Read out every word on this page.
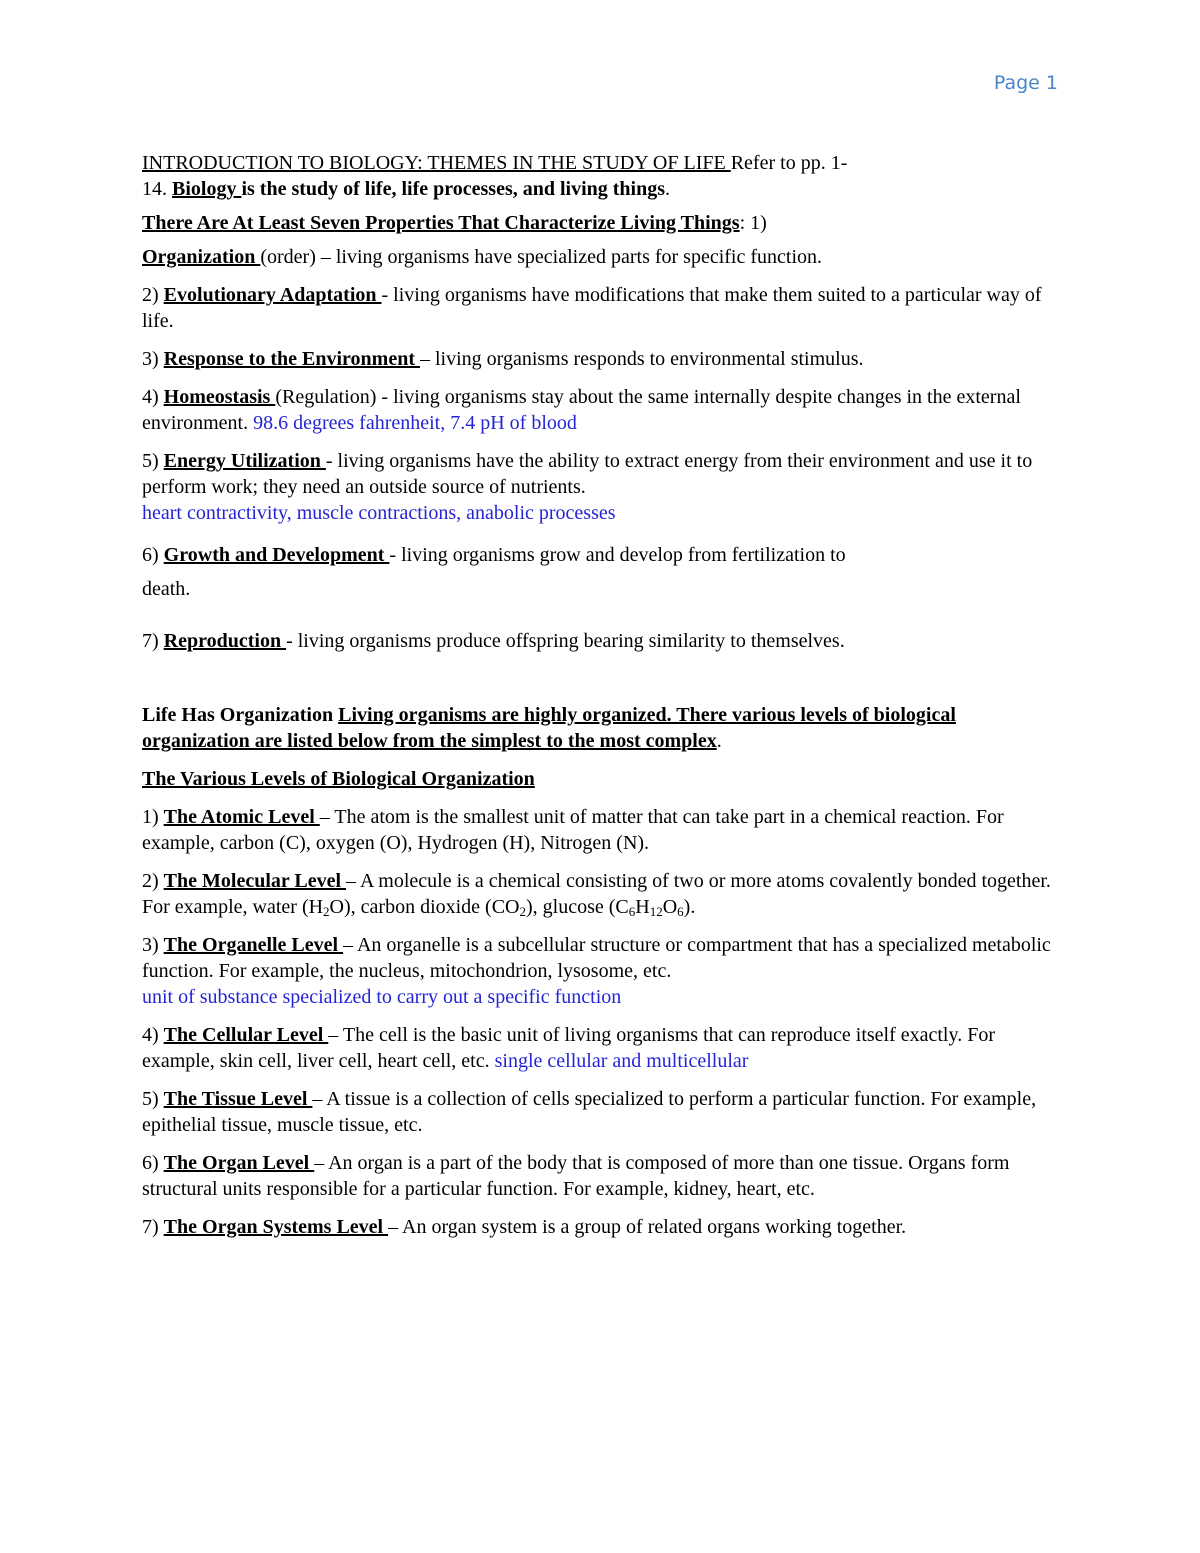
Page 1

INTRODUCTION TO BIOLOGY: THEMES IN THE STUDY OF LIFE Refer to pp. 1-
14. Biology is the study of life, life processes, and living things.

There Are At Least Seven Properties That Characterize Living Things: 1)

Organization (order) – living organisms have specialized parts for specific function.

2) Evolutionary Adaptation - living organisms have modifications that make them suited to a particular way of life.

3) Response to the Environment – living organisms responds to environmental stimulus.

4) Homeostasis (Regulation) - living organisms stay about the same internally despite changes in the external environment. 98.6 degrees fahrenheit, 7.4 pH of blood

5) Energy Utilization - living organisms have the ability to extract energy from their environment and use it to perform work; they need an outside source of nutrients.
heart contractivity, muscle contractions, anabolic processes

6) Growth and Development - living organisms grow and develop from fertilization to
death.

7) Reproduction - living organisms produce offspring bearing similarity to themselves.

Life Has Organization Living organisms are highly organized. There various levels of biological organization are listed below from the simplest to the most complex.

The Various Levels of Biological Organization

1) The Atomic Level – The atom is the smallest unit of matter that can take part in a chemical reaction. For example, carbon (C), oxygen (O), Hydrogen (H), Nitrogen (N).

2) The Molecular Level – A molecule is a chemical consisting of two or more atoms covalently bonded together. For example, water $(H_2O)$, carbon dioxide $(CO_2)$, glucose $(C_6H_{12}O_6)$.

3) The Organelle Level – An organelle is a subcellular structure or compartment that has a specialized metabolic function. For example, the nucleus, mitochondrion, lysosome, etc.
unit of substance specialized to carry out a specific function

4) The Cellular Level – The cell is the basic unit of living organisms that can reproduce itself exactly. For example, skin cell, liver cell, heart cell, etc. single cellular and multicellular

5) The Tissue Level – A tissue is a collection of cells specialized to perform a particular function. For example, epithelial tissue, muscle tissue, etc.

6) The Organ Level – An organ is a part of the body that is composed of more than one tissue. Organs form structural units responsible for a particular function. For example, kidney, heart, etc.

7) The Organ Systems Level – An organ system is a group of related organs working together.
